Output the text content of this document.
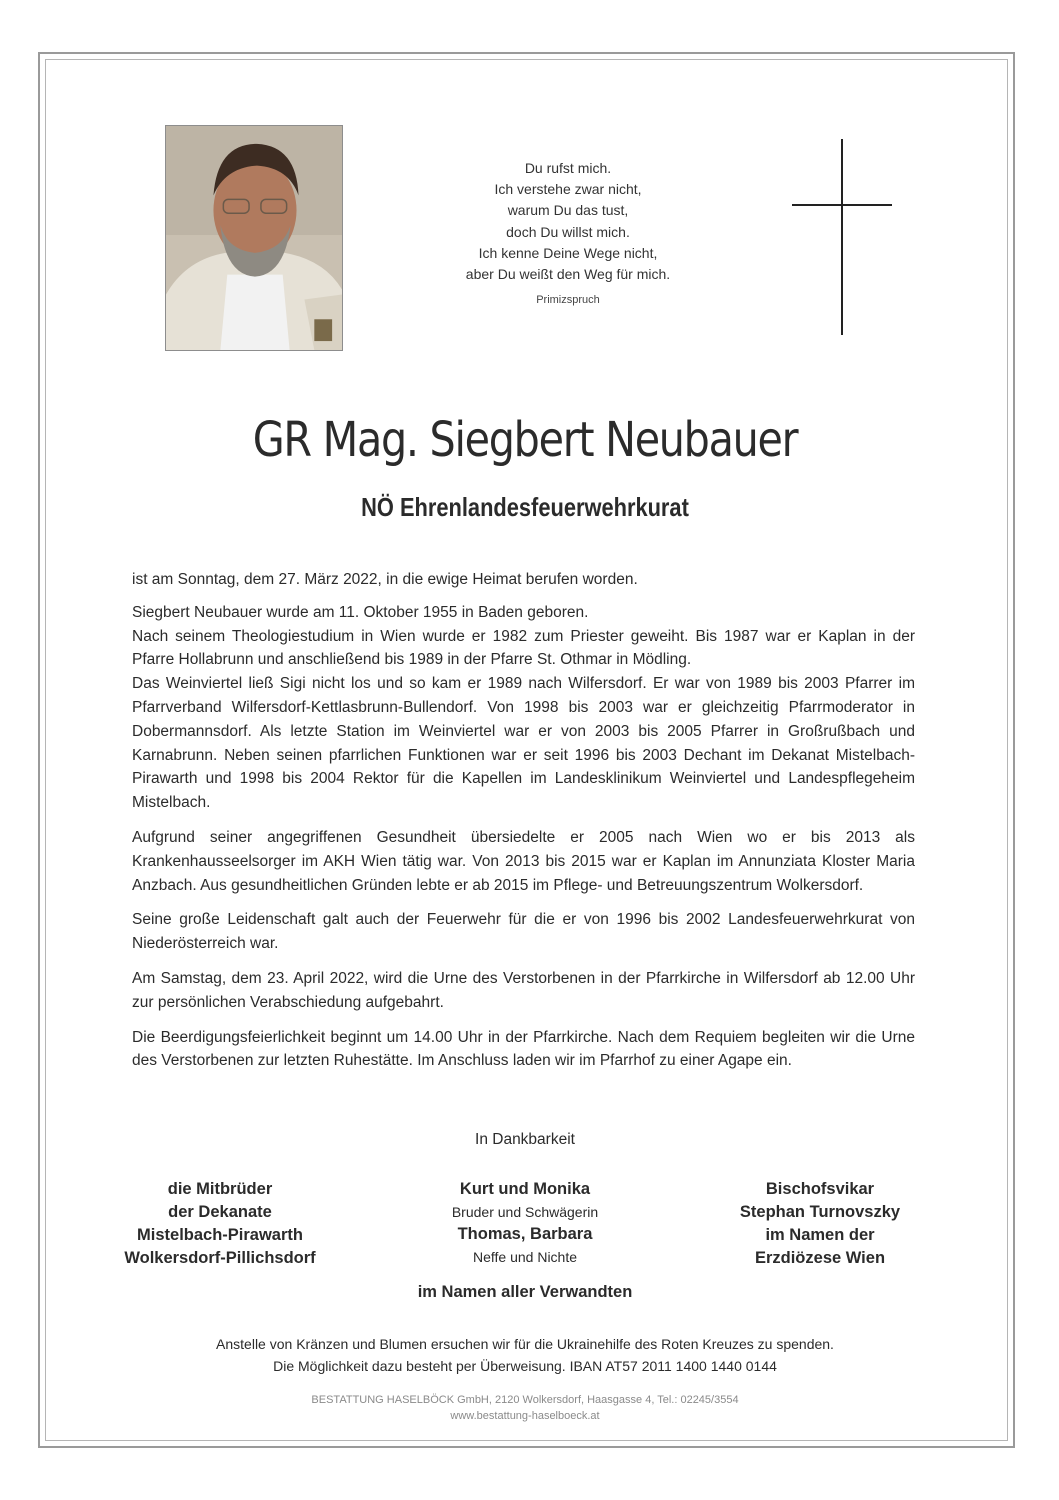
Du rufst mich.
Ich verstehe zwar nicht,
warum Du das tust,
doch Du willst mich.
Ich kenne Deine Wege nicht,
aber Du weißt den Weg für mich.
Primizspruch
GR Mag. Siegbert Neubauer
NÖ Ehrenlandesfeuerwehrkurat

ist am Sonntag, dem 27. März 2022, in die ewige Heimat berufen worden.

Siegbert Neubauer wurde am 11. Oktober 1955 in Baden geboren.
Nach seinem Theologiestudium in Wien wurde er 1982 zum Priester geweiht. Bis 1987 war er Kaplan in der Pfarre Hollabrunn und anschließend bis 1989 in der Pfarre St. Othmar in Mödling.
Das Weinviertel ließ Sigi nicht los und so kam er 1989 nach Wilfersdorf. Er war von 1989 bis 2003 Pfarrer im Pfarrverband Wilfersdorf-Kettlasbrunn-Bullendorf. Von 1998 bis 2003 war er gleichzeitig Pfarrmoderator in Dobermannsdorf. Als letzte Station im Weinviertel war er von 2003 bis 2005 Pfarrer in Großrußbach und Karnabrunn. Neben seinen pfarrlichen Funktionen war er seit 1996 bis 2003 Dechant im Dekanat Mistelbach-Pirawarth und 1998 bis 2004 Rektor für die Kapellen im Landesklinikum Weinviertel und Landespflegeheim Mistelbach.

Aufgrund seiner angegriffenen Gesundheit übersiedelte er 2005 nach Wien wo er bis 2013 als Krankenhausseelsorger im AKH Wien tätig war. Von 2013 bis 2015 war er Kaplan im Annunziata Kloster Maria Anzbach. Aus gesundheitlichen Gründen lebte er ab 2015 im Pflege- und Betreuungszentrum Wolkersdorf.

Seine große Leidenschaft galt auch der Feuerwehr für die er von 1996 bis 2002 Landesfeuerwehrkurat von Niederösterreich war.

Am Samstag, dem 23. April 2022, wird die Urne des Verstorbenen in der Pfarrkirche in Wilfersdorf ab 12.00 Uhr zur persönlichen Verabschiedung aufgebahrt.

Die Beerdigungsfeierlichkeit beginnt um 14.00 Uhr in der Pfarrkirche. Nach dem Requiem begleiten wir die Urne des Verstorbenen zur letzten Ruhestätte. Im Anschluss laden wir im Pfarrhof zu einer Agape ein.

In Dankbarkeit
die Mitbrüder
der Dekanate
Mistelbach-Pirawarth
Wolkersdorf-Pillichsdorf
Kurt und Monika
Bruder und Schwägerin
Thomas, Barbara
Neffe und Nichte
Bischofsvikar
Stephan Turnovszky
im Namen der
Erzdiözese Wien
im Namen aller Verwandten
Anstelle von Kränzen und Blumen ersuchen wir für die Ukrainehilfe des Roten Kreuzes zu spenden.
Die Möglichkeit dazu besteht per Überweisung. IBAN AT57 2011 1400 1440 0144
BESTATTUNG HASELBÖCK GmbH, 2120 Wolkersdorf, Haasgasse 4, Tel.: 02245/3554
www.bestattung-haselboeck.at
